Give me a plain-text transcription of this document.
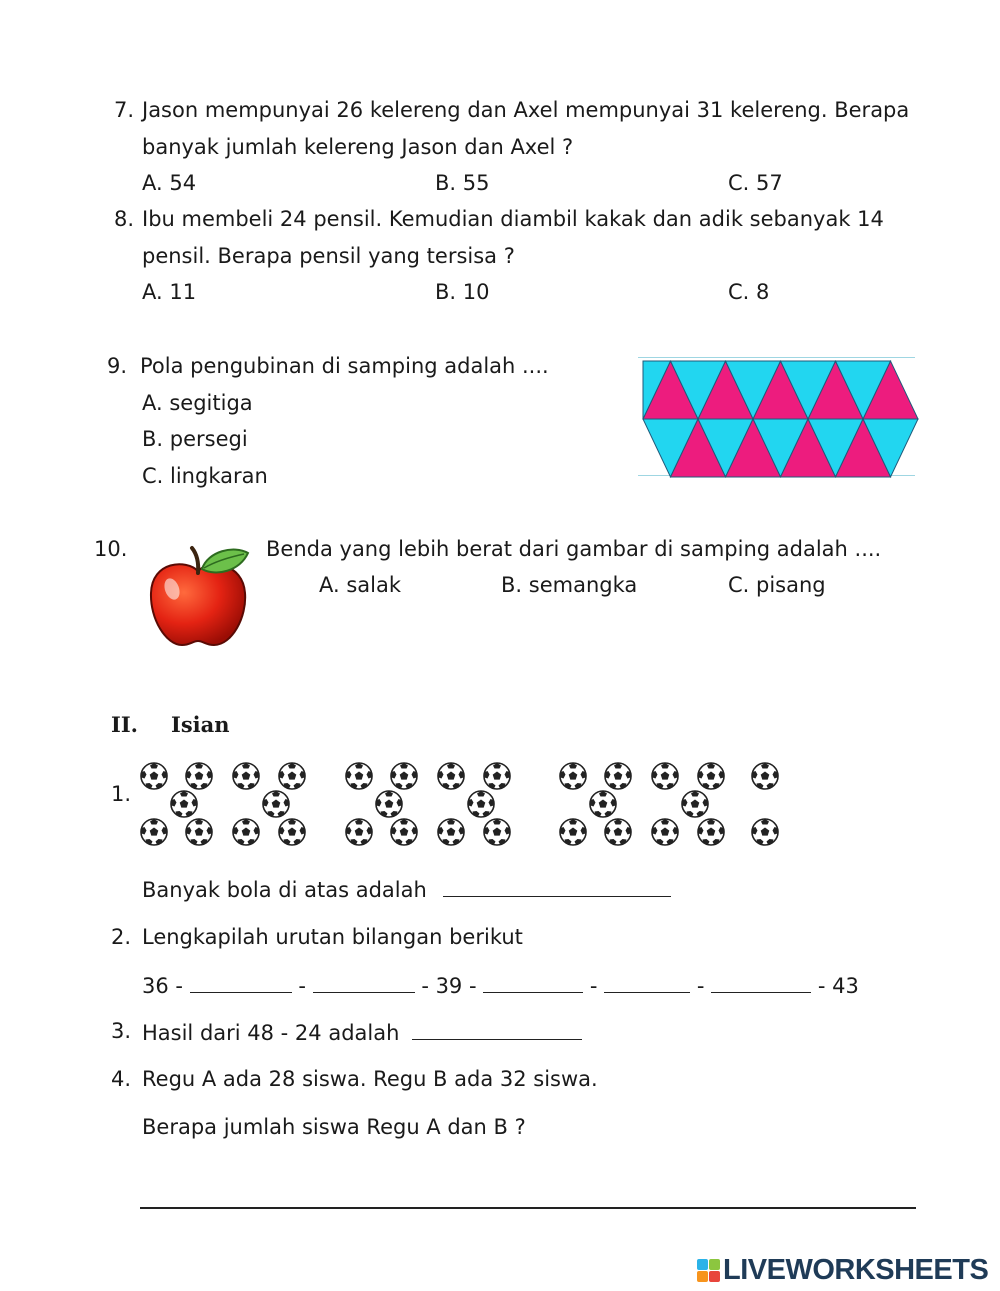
7. Jason mempunyai 26 kelereng dan Axel mempunyai 31 kelereng. Berapa
banyak jumlah kelereng Jason dan Axel ?
A. 54	B. 55	C. 57
8. Ibu membeli 24 pensil. Kemudian diambil kakak dan adik sebanyak 14
pensil. Berapa pensil yang tersisa ?
A. 11	B. 10	C. 8
9. Pola pengubinan di samping adalah ....
A. segitiga
B. persegi
C. lingkaran
10.	Benda yang lebih berat dari gambar di samping adalah ....
A. salak	B. semangka	C. pisang
II. Isian
1.
Banyak bola di atas adalah
2. Lengkapilah urutan bilangan berikut
36 -	-	- 39 -	-	-	- 43
3. Hasil dari 48 - 24 adalah
4. Regu A ada 28 siswa. Regu B ada 32 siswa.
Berapa jumlah siswa Regu A dan B ?
LIVEWORKSHEETS
